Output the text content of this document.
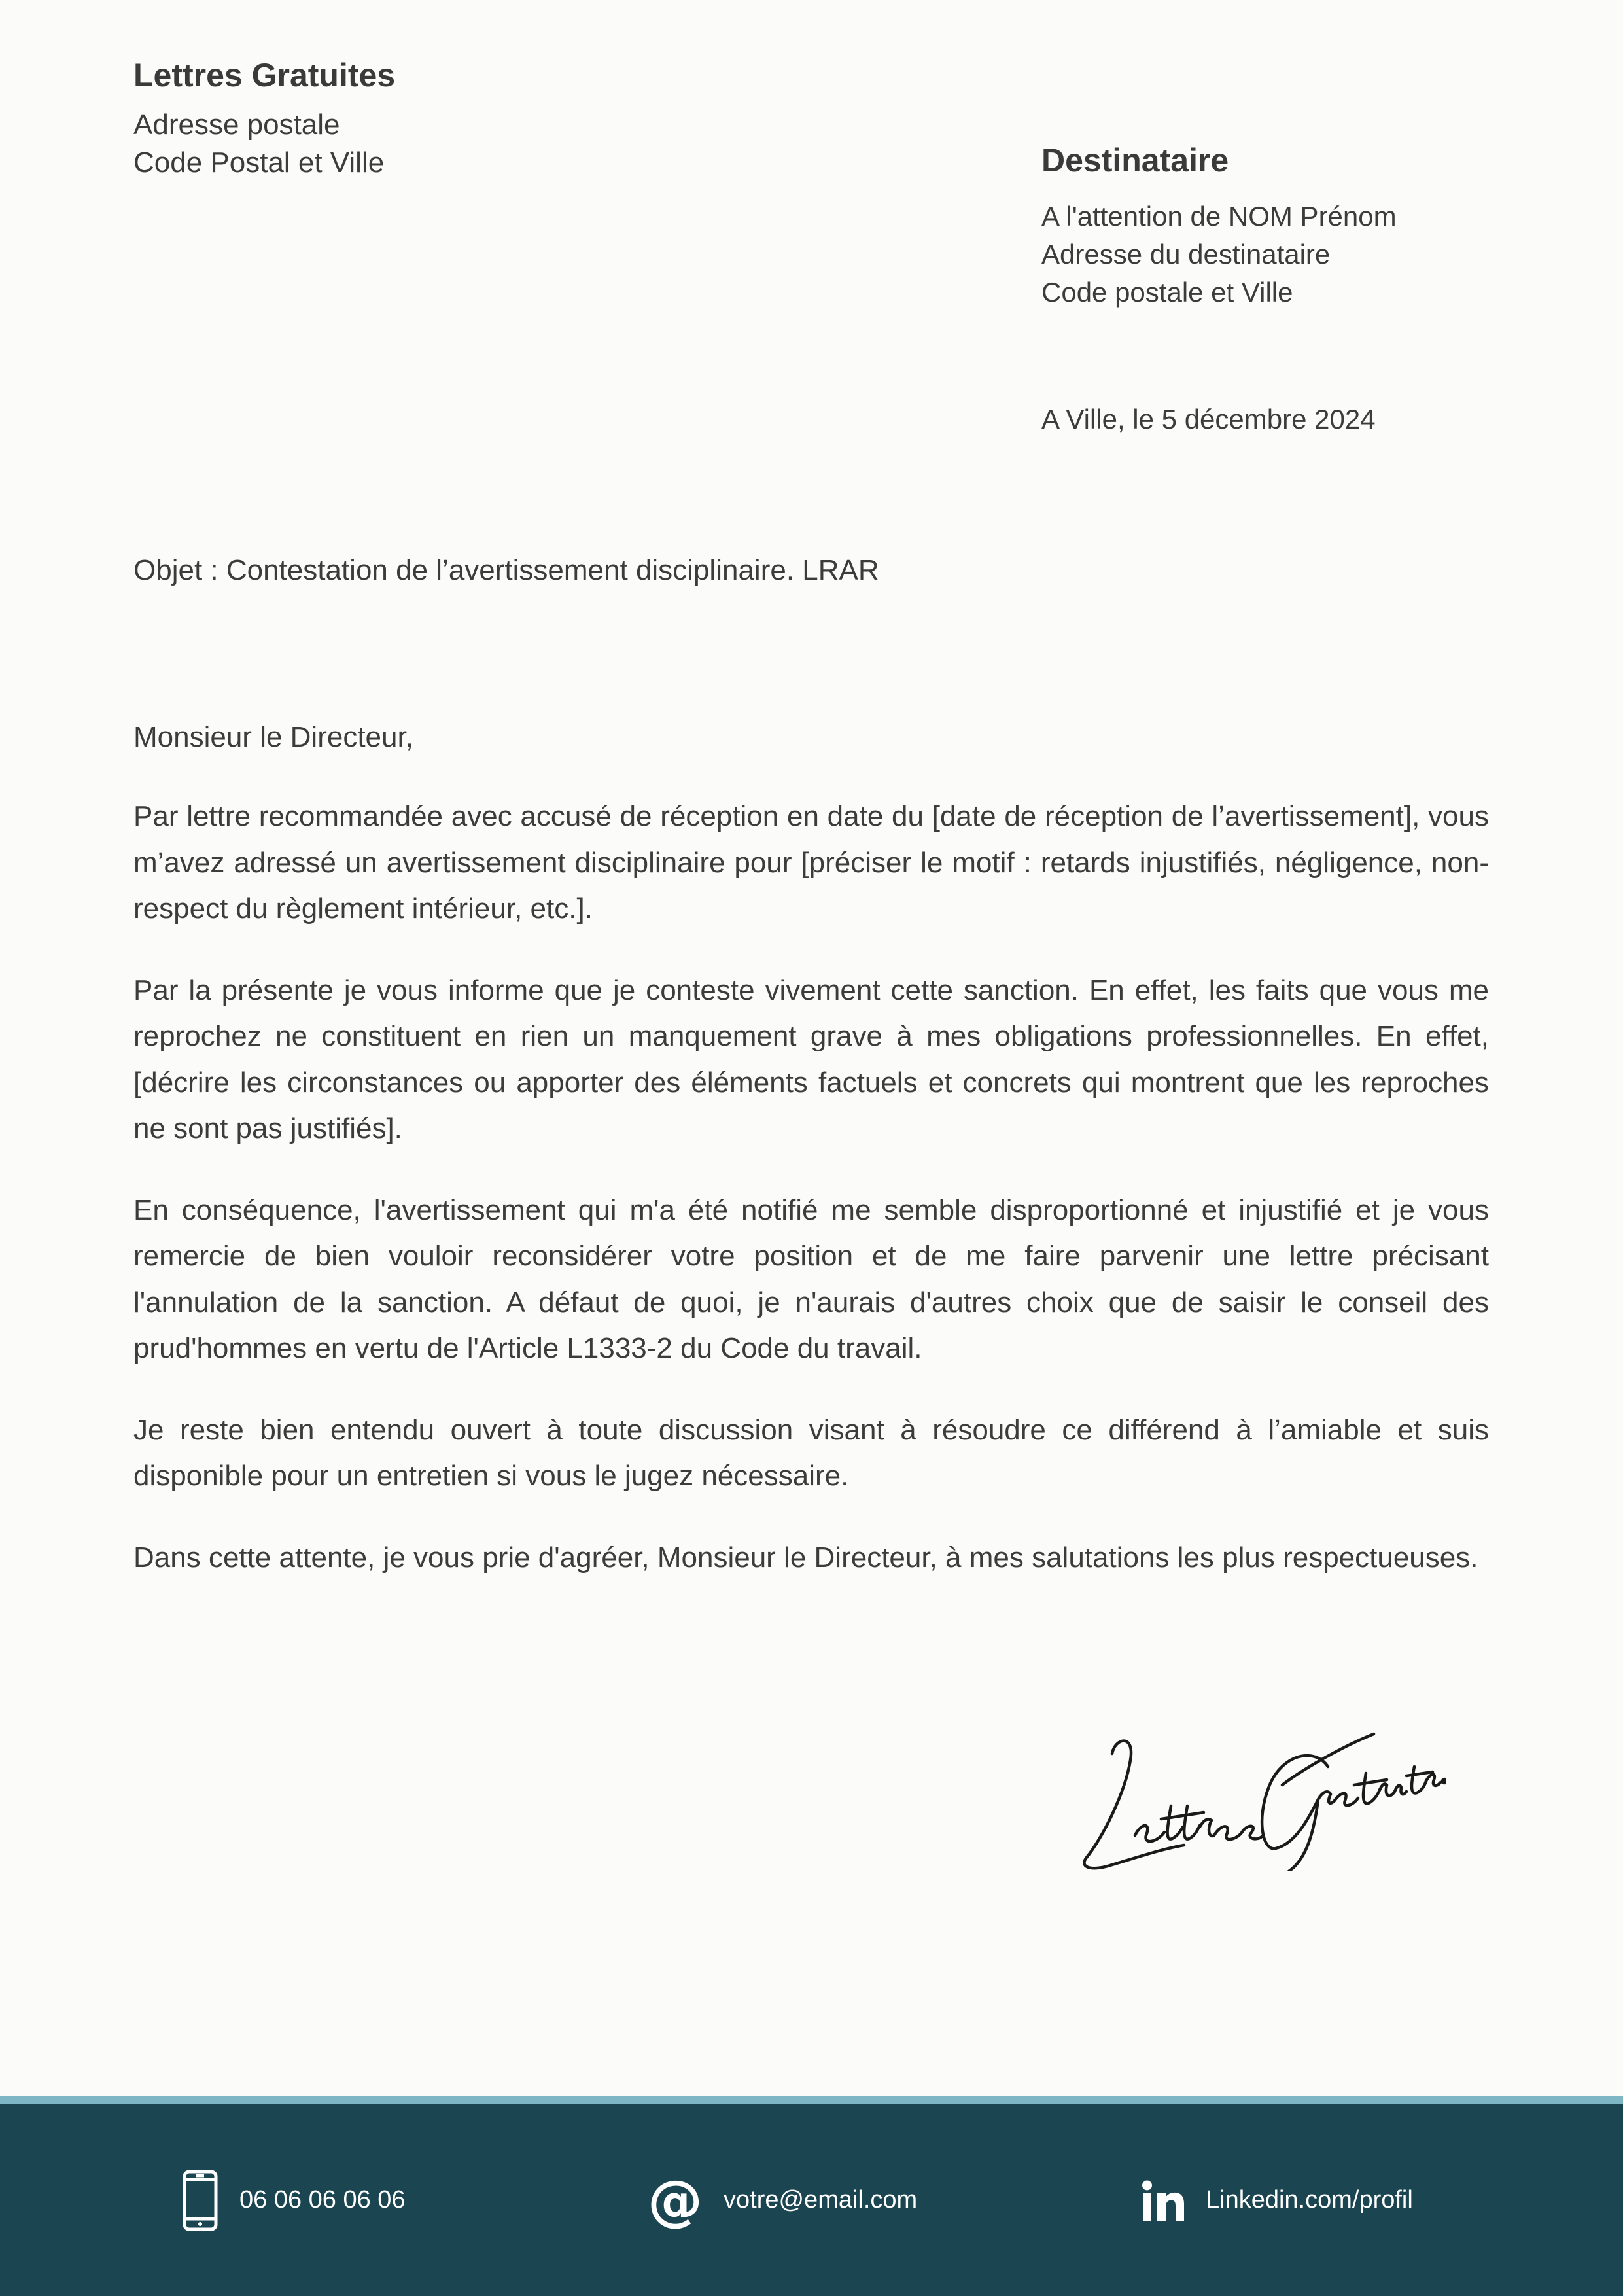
Lettres Gratuites
Adresse postale
Code Postal et Ville	Destinataire
A l'attention de NOM Prénom
Adresse du destinataire
Code postale et Ville
A Ville, le 5 décembre 2024
Objet : Contestation de l’avertissement disciplinaire. LRAR

Monsieur le Directeur,

Par lettre recommandée avec accusé de réception en date du [date de réception de l’avertissement], vous m’avez adressé un avertissement disciplinaire pour [préciser le motif : retards injustifiés, négligence, non-respect du règlement intérieur, etc.].

Par la présente je vous informe que je conteste vivement cette sanction. En effet, les faits que vous me reprochez ne constituent en rien un manquement grave à mes obligations professionnelles. En effet, [décrire les circonstances ou apporter des éléments factuels et concrets qui montrent que les reproches ne sont pas justifiés].

En conséquence, l'avertissement qui m'a été notifié me semble disproportionné et injustifié et je vous remercie de bien vouloir reconsidérer votre position et de me faire parvenir une lettre précisant l'annulation de la sanction. A défaut de quoi, je n'aurais d'autres choix que de saisir le conseil des prud'hommes en vertu de l'Article L1333-2 du Code du travail.

Je reste bien entendu ouvert à toute discussion visant à résoudre ce différend à l’amiable et suis disponible pour un entretien si vous le jugez nécessaire.

Dans cette attente, je vous prie d'agréer, Monsieur le Directeur, à mes salutations les plus respectueuses.

06 06 06 06 06	@ votre@email.com	Linkedin.com/profil
